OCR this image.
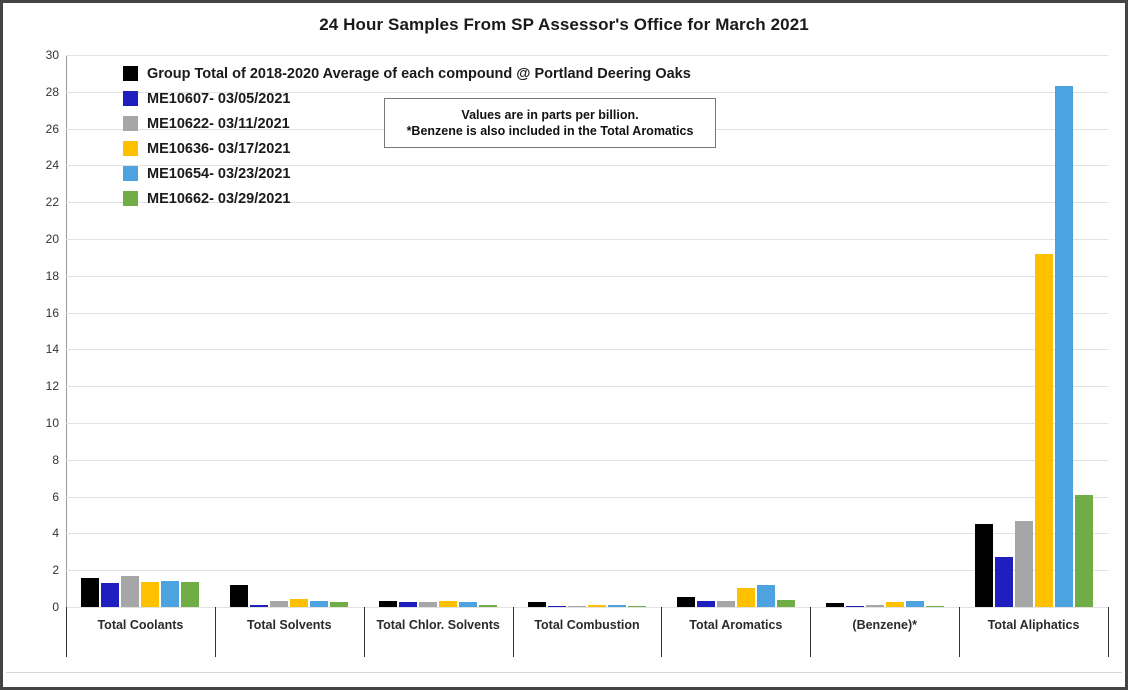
24 Hour Samples From SP Assessor's Office for March 2021
Group Total of 2018-2020 Average of each compound @ Portland Deering Oaks
ME10607- 03/05/2021
ME10622- 03/11/2021
ME10636- 03/17/2021
ME10654- 03/23/2021
ME10662- 03/29/2021
Values are in parts per billion.
*Benzene is also included in the Total Aromatics
0
2
4
6
8
10
12
14
16
18
20
22
24
26
28
30
Total Coolants	Total Solvents	Total Chlor. Solvents	Total Combustion	Total Aromatics	(Benzene)*	Total Aliphatics
